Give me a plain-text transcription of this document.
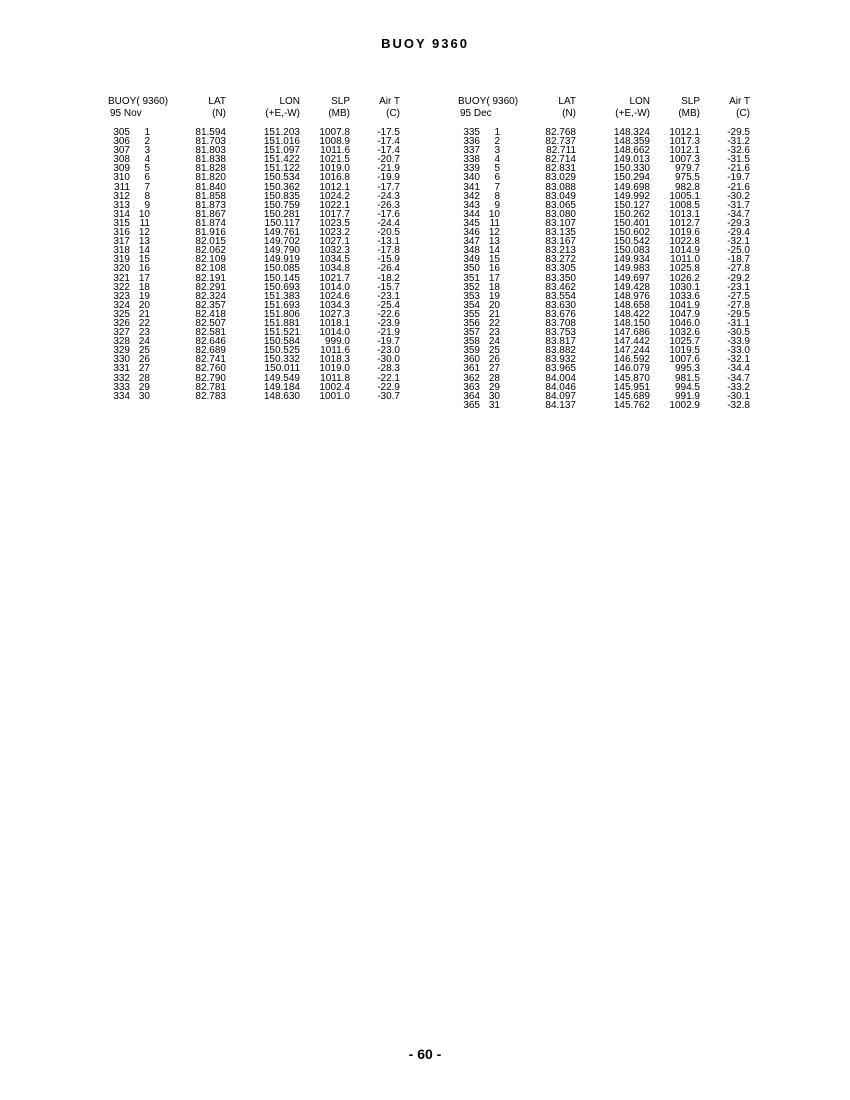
BUOY 9360
BUOY( 9360)	LAT	LON	SLP	Air T
95 Nov	(N)	(+E,-W)	(MB)	(C)
305	1	81.594	151.203	1007.8	-17.5
306	2	81.703	151.016	1008.9	-17.4
307	3	81.803	151.097	1011.6	-17.4
308	4	81.838	151.422	1021.5	-20.7
309	5	81.828	151.122	1019.0	-21.9
310	6	81.820	150.534	1016.8	-19.9
311	7	81.840	150.362	1012.1	-17.7
312	8	81.858	150.835	1024.2	-24.3
313	9	81.873	150.759	1022.1	-26.3
314 10	81.867	150.281	1017.7	-17.6
315 11	81.874	150.117	1023.5	-24.4
316 12	81.916	149.761	1023.2	-20.5
317 13	82.015	149.702	1027.1	-13.1
318 14	82.062	149.790	1032.3	-17.8
319 15	82.109	149.919	1034.5	-15.9
320 16	82.108	150.085	1034.8	-26.4
321 17	82.191	150.145	1021.7	-18.2
322 18	82.291	150.693	1014.0	-15.7
323 19	82.324	151.383	1024.6	-23.1
324 20	82.357	151.693	1034.3	-25.4
325 21	82.418	151.806	1027.3	-22.6
326 22	82.507	151.881	1018.1	-23.9
327 23	82.581	151.521	1014.0	-21.9
328 24	82.646	150.584	999.0	-19.7
329 25	82.689	150.525	1011.6	-23.0
330 26	82.741	150.332	1018.3	-30.0
331 27	82.760	150.011	1019.0	-28.3
332 28	82.790	149.549	1011.8	-22.1
333 29	82.781	149.184	1002.4	-22.9
334 30	82.783	148.630	1001.0	-30.7
BUOY( 9360)	LAT	LON	SLP	Air T
95 Dec	(N)	(+E,-W)	(MB)	(C)
335	1	82.768	148.324	1012.1	-29.5
336	2	82.737	148.359	1017.3	-31.2
337	3	82.711	148.662	1012.1	-32.6
338	4	82.714	149.013	1007.3	-31.5
339	5	82.831	150.330	979.7	-21.6
340	6	83.029	150.294	975.5	-19.7
341	7	83.088	149.698	982.8	-21.6
342	8	83.049	149.992	1005.1	-30.2
343	9	83.065	150.127	1008.5	-31.7
344 10	83.080	150.262	1013.1	-34.7
345 11	83.107	150.401	1012.7	-29.3
346 12	83.135	150.602	1019.6	-29.4
347 13	83.167	150.542	1022.8	-32.1
348 14	83.213	150.083	1014.9	-25.0
349 15	83.272	149.934	1011.0	-18.7
350 16	83.305	149.983	1025.8	-27.8
351 17	83.350	149.697	1026.2	-29.2
352 18	83.462	149.428	1030.1	-23.1
353 19	83.554	148.976	1033.6	-27.5
354 20	83.630	148.658	1041.9	-27.8
355 21	83.676	148.422	1047.9	-29.5
356 22	83.708	148.150	1046.0	-31.1
357 23	83.753	147.686	1032.6	-30.5
358 24	83.817	147.442	1025.7	-33.9
359 25	83.882	147.244	1019.5	-33.0
360 26	83.932	146.592	1007.6	-32.1
361 27	83.965	146.079	995.3	-34.4
362 28	84.004	145.870	981.5	-34.7
363 29	84.046	145.951	994.5	-33.2
364 30	84.097	145.689	991.9	-30.1
365 31	84.137	145.762	1002.9	-32.8
- 60 -
